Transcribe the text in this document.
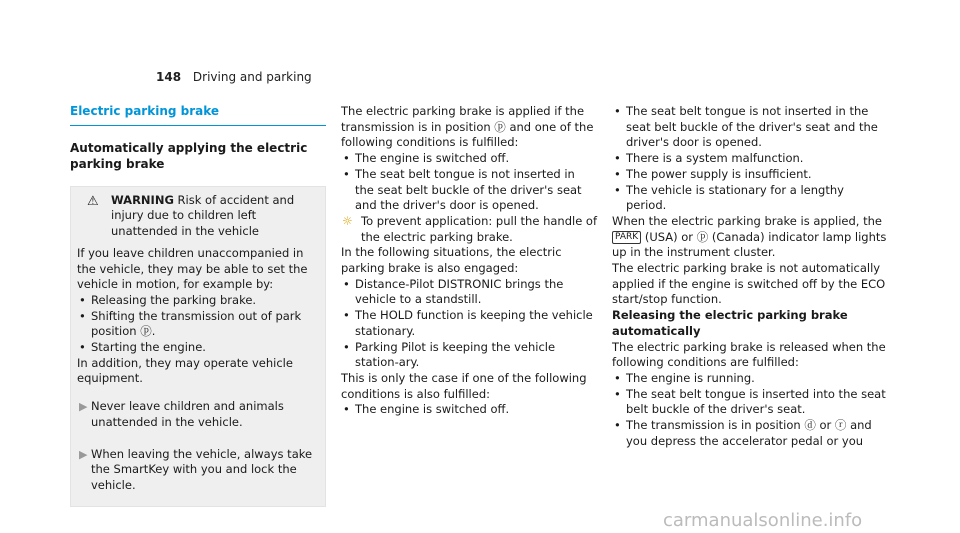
148 Driving and parking
Electric parking brake
Automatically applying the electric parking brake
⚠ WARNING Risk of accident and injury due to children left unattended in the vehicle

If you leave children unaccompanied in the vehicle, they may be able to set the vehicle in motion, for example by:

• Releasing the parking brake.
• Shifting the transmission out of park position ⓟ.
• Starting the engine.

In addition, they may operate vehicle equipment.

▶ Never leave children and animals unattended in the vehicle.
▶ When leaving the vehicle, always take the SmartKey with you and lock the vehicle.

The electric parking brake is applied if the transmission is in position ⓟ and one of the following conditions is fulfilled:

• The engine is switched off.
• The seat belt tongue is not inserted in the seat belt buckle of the driver's seat and the driver's door is opened.
☼ To prevent application: pull the handle of the electric parking brake.

In the following situations, the electric parking brake is also engaged:

• Distance-Pilot DISTRONIC brings the vehicle to a standstill.
• The HOLD function is keeping the vehicle stationary.
• Parking Pilot is keeping the vehicle station-ary.

This is only the case if one of the following conditions is also fulfilled:

• The engine is switched off.
• The seat belt tongue is not inserted in the seat belt buckle of the driver's seat and the driver's door is opened.
• There is a system malfunction.
• The power supply is insufficient.
• The vehicle is stationary for a lengthy period.

When the electric parking brake is applied, the PARK (USA) or ⓟ (Canada) indicator lamp lights up in the instrument cluster.

The electric parking brake is not automatically applied if the engine is switched off by the ECO start/stop function.

Releasing the electric parking brake automatically

The electric parking brake is released when the following conditions are fulfilled:

• The engine is running.
• The seat belt tongue is inserted into the seat belt buckle of the driver's seat.
• The transmission is in position ⓓ or ⓡ and you depress the accelerator pedal or you
carmanualsonline.info
